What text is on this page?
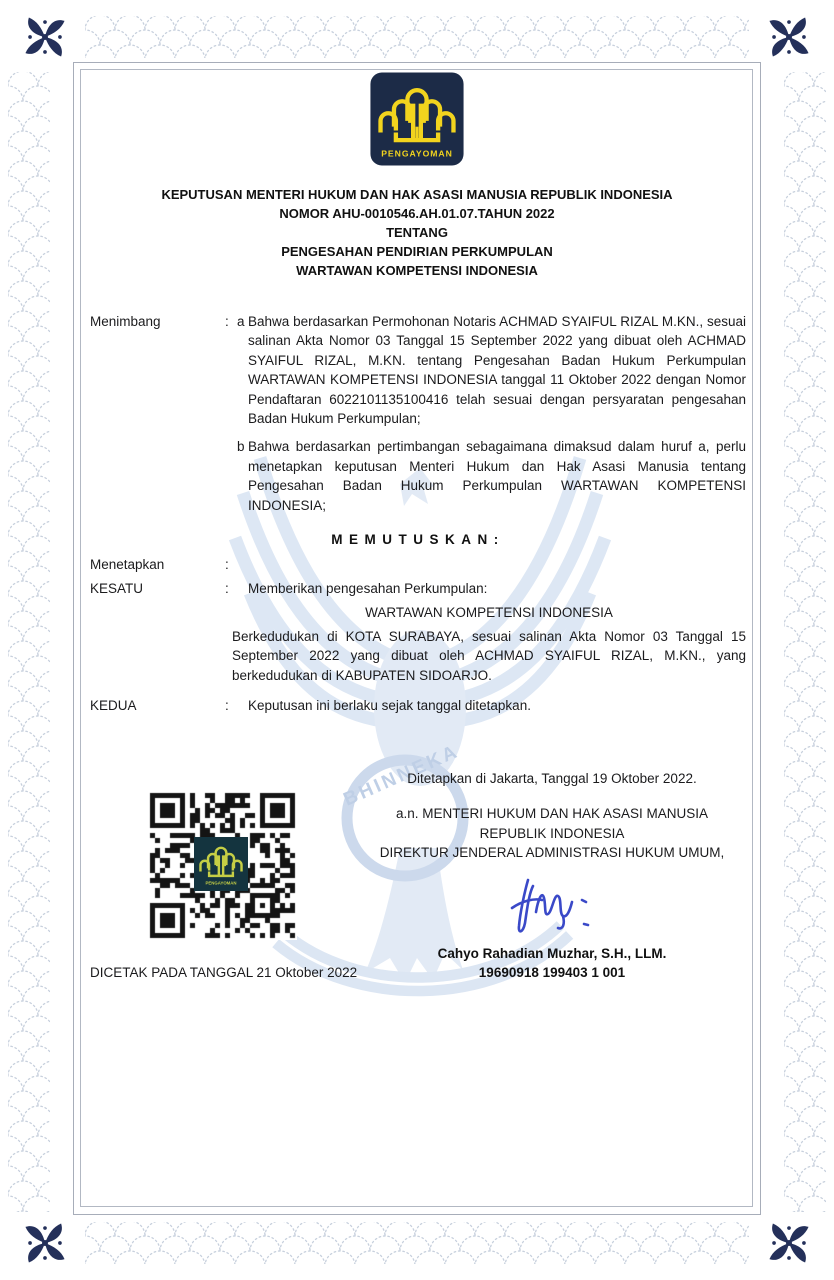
BHINNEKA
PENGAYOMAN
KEPUTUSAN MENTERI HUKUM DAN HAK ASASI MANUSIA REPUBLIK INDONESIA
NOMOR AHU-0010546.AH.01.07.TAHUN 2022
TENTANG
PENGESAHAN PENDIRIAN PERKUMPULAN
WARTAWAN KOMPETENSI INDONESIA
Menimbang	: a Bahwa berdasarkan Permohonan Notaris ACHMAD SYAIFUL RIZAL M.KN., sesuai salinan Akta Nomor 03 Tanggal 15 September 2022 yang dibuat oleh ACHMAD SYAIFUL RIZAL, M.KN. tentang Pengesahan Badan Hukum Perkumpulan WARTAWAN KOMPETENSI INDONESIA tanggal 11 Oktober 2022 dengan Nomor Pendaftaran 6022101135100416 telah sesuai dengan persyaratan pengesahan Badan Hukum Perkumpulan;
b Bahwa berdasarkan pertimbangan sebagaimana dimaksud dalam huruf a, perlu menetapkan keputusan Menteri Hukum dan Hak Asasi Manusia tentang Pengesahan Badan Hukum Perkumpulan WARTAWAN KOMPETENSI INDONESIA;
MEMUTUSKAN:
Menetapkan	:
KESATU	:	Memberikan pengesahan Perkumpulan:
WARTAWAN KOMPETENSI INDONESIA
Berkedudukan di KOTA SURABAYA, sesuai salinan Akta Nomor 03 Tanggal 15 September 2022 yang dibuat oleh ACHMAD SYAIFUL RIZAL, M.KN., yang berkedudukan di KABUPATEN SIDOARJO.
KEDUA	:	Keputusan ini berlaku sejak tanggal ditetapkan.
Ditetapkan di Jakarta, Tanggal 19 Oktober 2022.
a.n. MENTERI HUKUM DAN HAK ASASI MANUSIA
REPUBLIK INDONESIA
DIREKTUR JENDERAL ADMINISTRASI HUKUM UMUM,
Cahyo Rahadian Muzhar, S.H., LLM.
19690918 199403 1 001
PENGAYOMAN
DICETAK PADA TANGGAL 21 Oktober 2022
